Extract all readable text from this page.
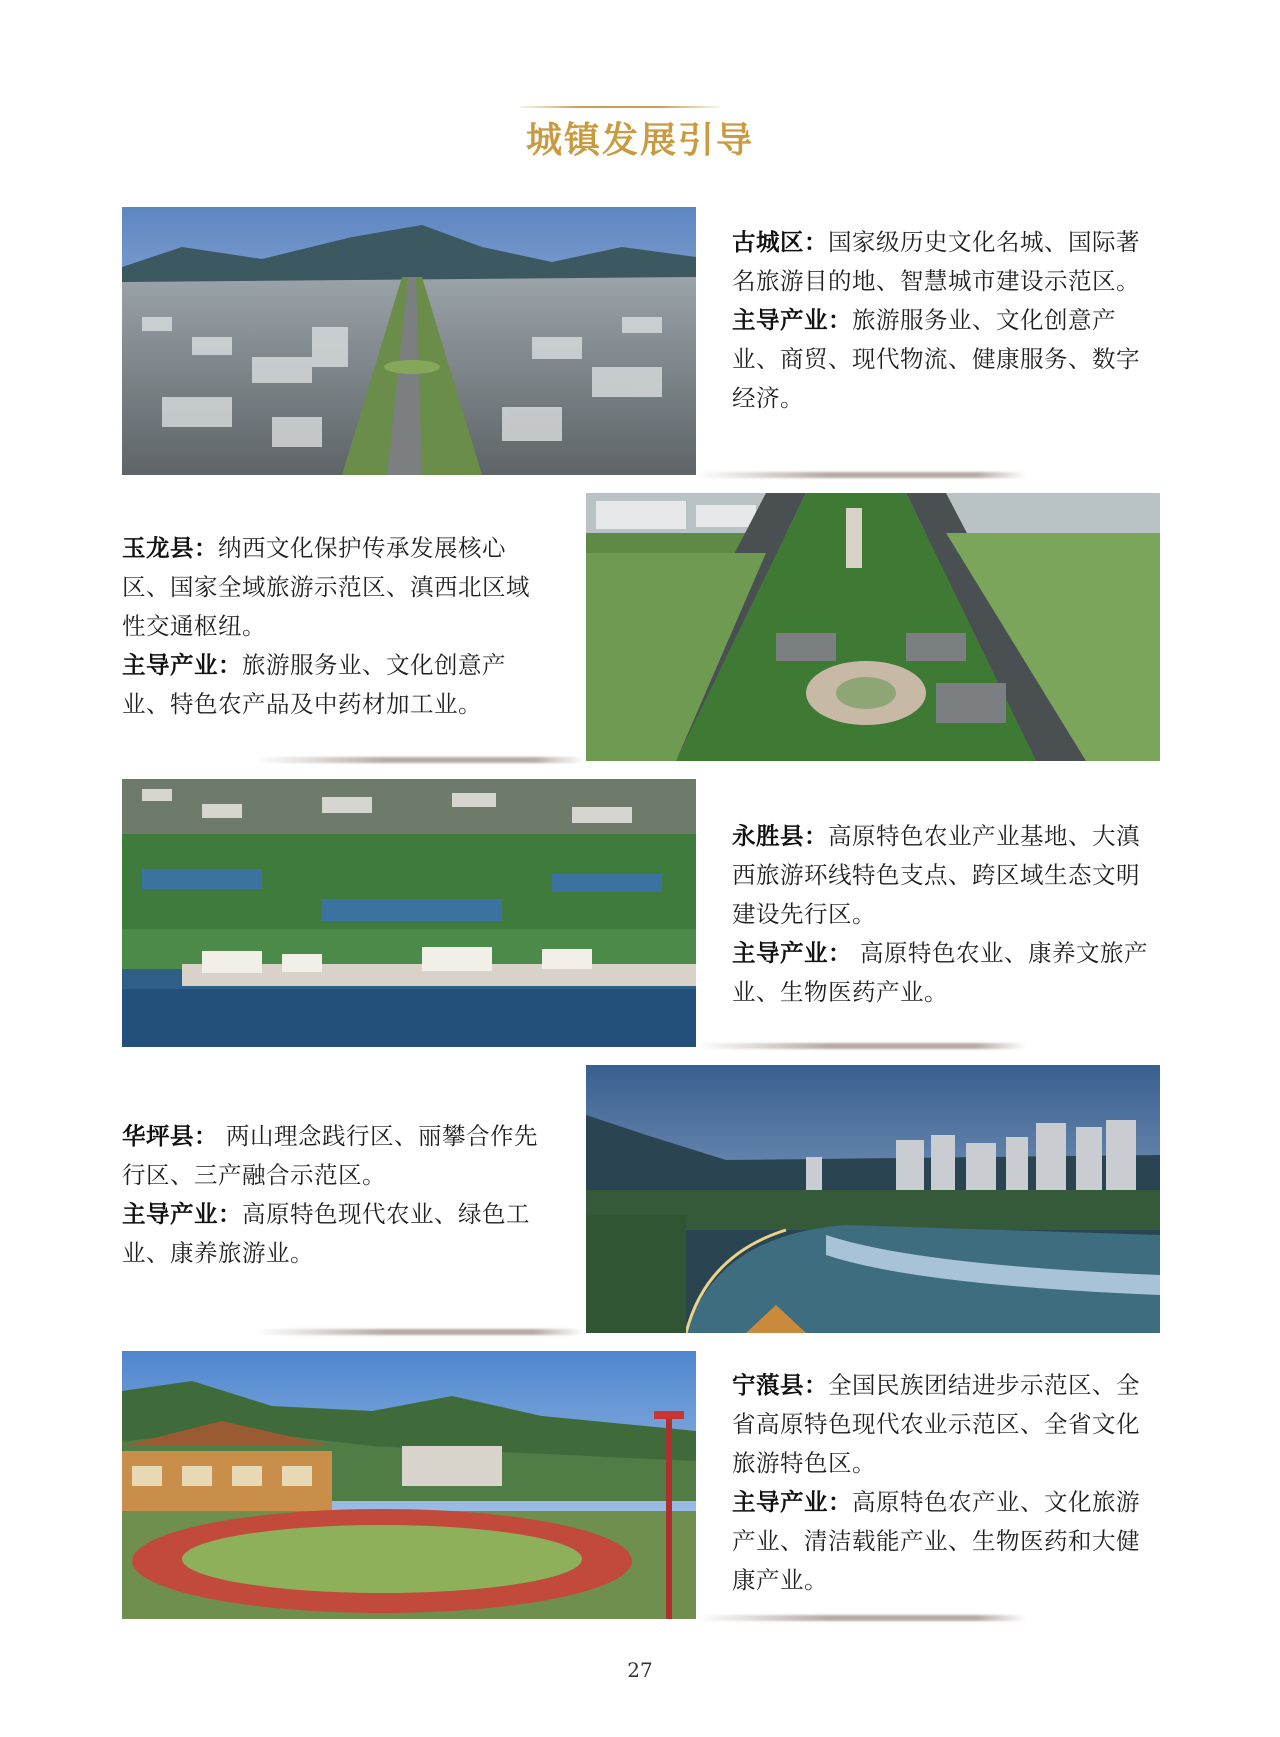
城镇发展引导

古城区：国家级历史文化名城、国际著名旅游目的地、智慧城市建设示范区。

主导产业：旅游服务业、文化创意产业、商贸、现代物流、健康服务、数字经济。

玉龙县：纳西文化保护传承发展核心区、国家全域旅游示范区、滇西北区域性交通枢纽。

主导产业：旅游服务业、文化创意产业、特色农产品及中药材加工业。

永胜县：高原特色农业产业基地、大滇西旅游环线特色支点、跨区域生态文明建设先行区。

主导产业： 高原特色农业、康养文旅产业、生物医药产业。

华坪县： 两山理念践行区、丽攀合作先行区、三产融合示范区。

主导产业：高原特色现代农业、绿色工业、康养旅游业。

宁蒗县：全国民族团结进步示范区、全省高原特色现代农业示范区、全省文化旅游特色区。

主导产业：高原特色农产业、文化旅游产业、清洁载能产业、生物医药和大健康产业。

27
